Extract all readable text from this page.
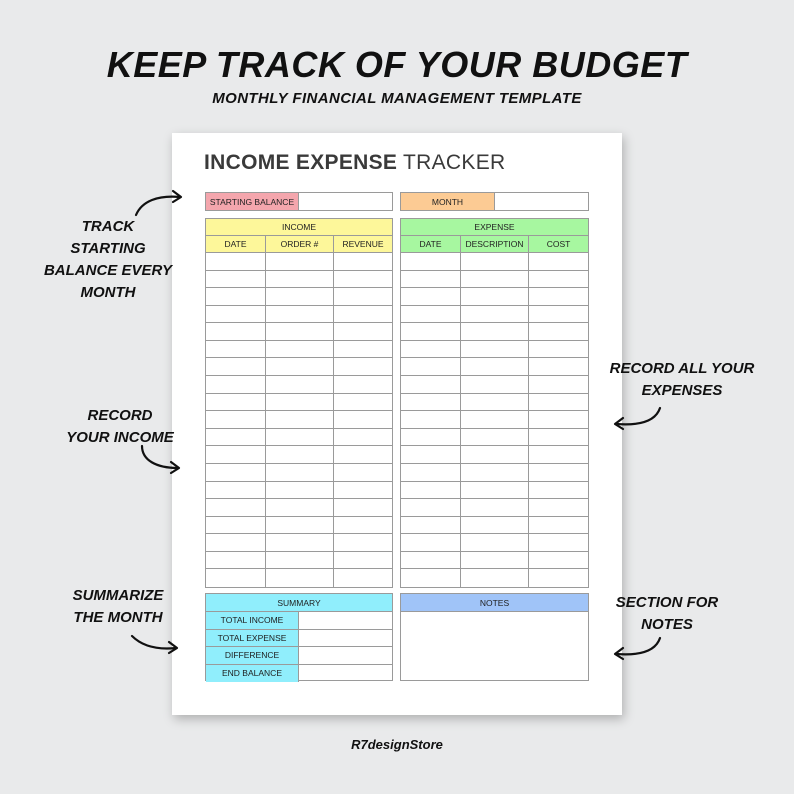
KEEP TRACK OF YOUR BUDGET
MONTHLY FINANCIAL MANAGEMENT TEMPLATE
INCOME EXPENSE TRACKER
STARTING BALANCE	MONTH
INCOME
DATE	ORDER #	REVENUE
EXPENSE
DATE	DESCRIPTION	COST
SUMMARY
TOTAL INCOME
TOTAL EXPENSE
DIFFERENCE
END BALANCE
NOTES
TRACK
STARTING
BALANCE EVERY
MONTH
RECORD
YOUR INCOME
SUMMARIZE
THE MONTH
RECORD ALL YOUR
EXPENSES
SECTION FOR
NOTES
R7designStore
